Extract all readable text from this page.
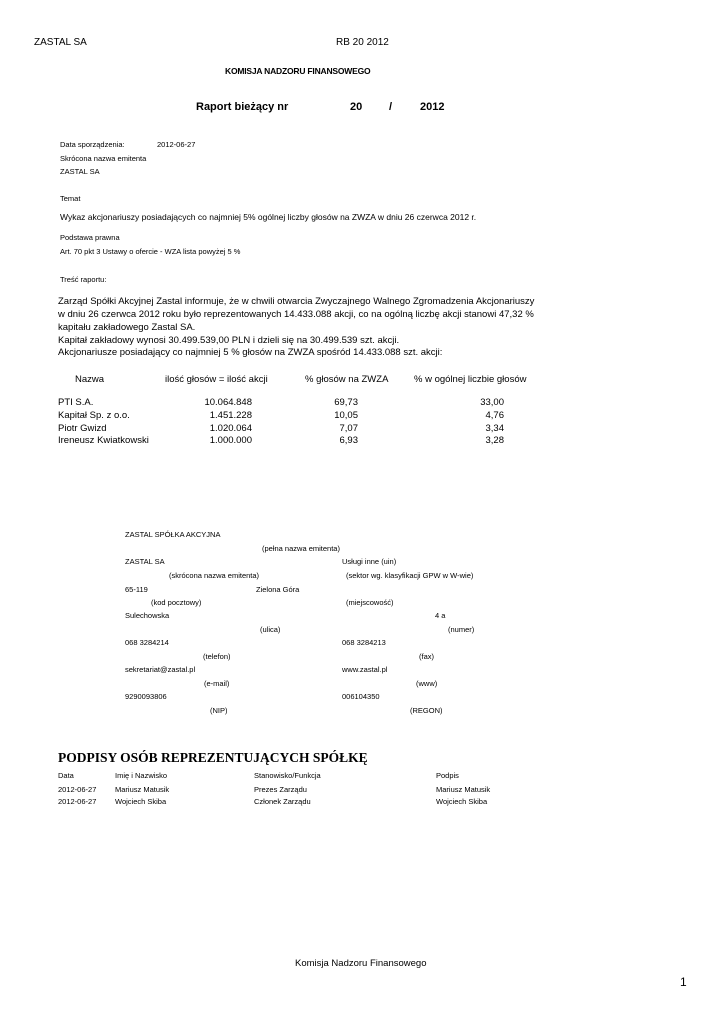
ZASTAL SA	RB 20 2012
KOMISJA NADZORU FINANSOWEGO
Raport bieżący nr	20 /	2012
Data sporządzenia:	2012-06-27
Skrócona nazwa emitenta
ZASTAL SA
Temat
Wykaz akcjonariuszy posiadających co najmniej 5% ogólnej liczby głosów na ZWZA w dniu 26 czerwca 2012 r.
Podstawa prawna
Art. 70 pkt 3 Ustawy o ofercie - WZA lista powyżej 5 %
Treść raportu:
Zarząd Spółki Akcyjnej Zastal informuje, że w chwili otwarcia Zwyczajnego Walnego Zgromadzenia Akcjonariuszy
w dniu 26 czerwca 2012 roku było reprezentowanych 14.433.088 akcji, co na ogólną liczbę akcji stanowi 47,32 %
kapitału zakładowego Zastal SA.
Kapitał zakładowy wynosi 30.499.539,00 PLN i dzieli się na 30.499.539 szt. akcji.
Akcjonariusze posiadający co najmniej 5 % głosów na ZWZA spośród 14.433.088 szt. akcji:
Nazwa	ilość głosów = ilość akcji	% głosów na ZWZA	% w ogólnej liczbie głosów
PTI S.A.	10.064.848	69,73	33,00
Kapitał Sp. z o.o.	1.451.228	10,05	4,76
Piotr Gwizd	1.020.064	7,07	3,34
Ireneusz Kwiatkowski	1.000.000	6,93	3,28
ZASTAL SPÓŁKA AKCYJNA
(pełna nazwa emitenta)
ZASTAL SA	Usługi inne (uin)
(skrócona nazwa emitenta)	(sektor wg. klasyfikacji GPW w W-wie)
65-119	Zielona Góra
(kod pocztowy)	(miejscowość)
Sulechowska	4 a
(ulica)	(numer)
068 3284214	068 3284213
(telefon)	(fax)
sekretariat@zastal.pl	www.zastal.pl
(e-mail)	(www)
9290093806	006104350
(NIP)	(REGON)
PODPISY OSÓB REPREZENTUJĄCYCH SPÓŁKĘ
Data	Imię i Nazwisko	Stanowisko/Funkcja	Podpis
2012-06-27 Mariusz Matusik	Prezes Zarządu	Mariusz Matusik
2012-06-27 Wojciech Skiba	Członek Zarządu	Wojciech Skiba
Komisja Nadzoru Finansowego
1
